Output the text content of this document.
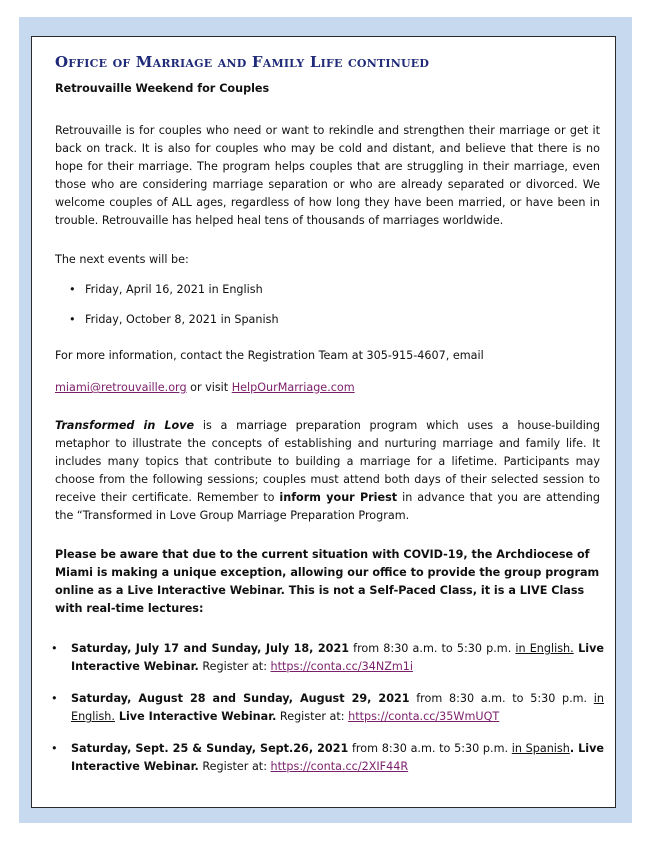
Office of Marriage and Family Life continued

Retrouvaille Weekend for Couples

Retrouvaille is for couples who need or want to rekindle and strengthen their marriage or get it back on track. It is also for couples who may be cold and distant, and believe that there is no hope for their marriage. The program helps couples that are struggling in their marriage, even those who are considering marriage separation or who are already separated or divorced. We welcome couples of ALL ages, regardless of how long they have been married, or have been in trouble. Retrouvaille has helped heal tens of thousands of marriages worldwide.

The next events will be:

• Friday, April 16, 2021 in English
• Friday, October 8, 2021 in Spanish

For more information, contact the Registration Team at 305-915-4607, email

miami@retrouvaille.org or visit HelpOurMarriage.com

Transformed in Love is a marriage preparation program which uses a house-building metaphor to illustrate the concepts of establishing and nurturing marriage and family life. It includes many topics that contribute to building a marriage for a lifetime. Participants may choose from the following sessions; couples must attend both days of their selected session to receive their certificate. Remember to inform your Priest in advance that you are attending the “Transformed in Love Group Marriage Preparation Program.

Please be aware that due to the current situation with COVID-19, the Archdiocese of Miami is making a unique exception, allowing our office to provide the group program online as a Live Interactive Webinar. This is not a Self-Paced Class, it is a LIVE Class with real-time lectures:

• Saturday, July 17 and Sunday, July 18, 2021 from 8:30 a.m. to 5:30 p.m. in English. Live Interactive Webinar. Register at: https://conta.cc/34NZm1i
• Saturday, August 28 and Sunday, August 29, 2021 from 8:30 a.m. to 5:30 p.m. in English. Live Interactive Webinar. Register at: https://conta.cc/35WmUQT
• Saturday, Sept. 25 & Sunday, Sept.26, 2021 from 8:30 a.m. to 5:30 p.m. in Spanish. Live Interactive Webinar. Register at: https://conta.cc/2XIF44R
